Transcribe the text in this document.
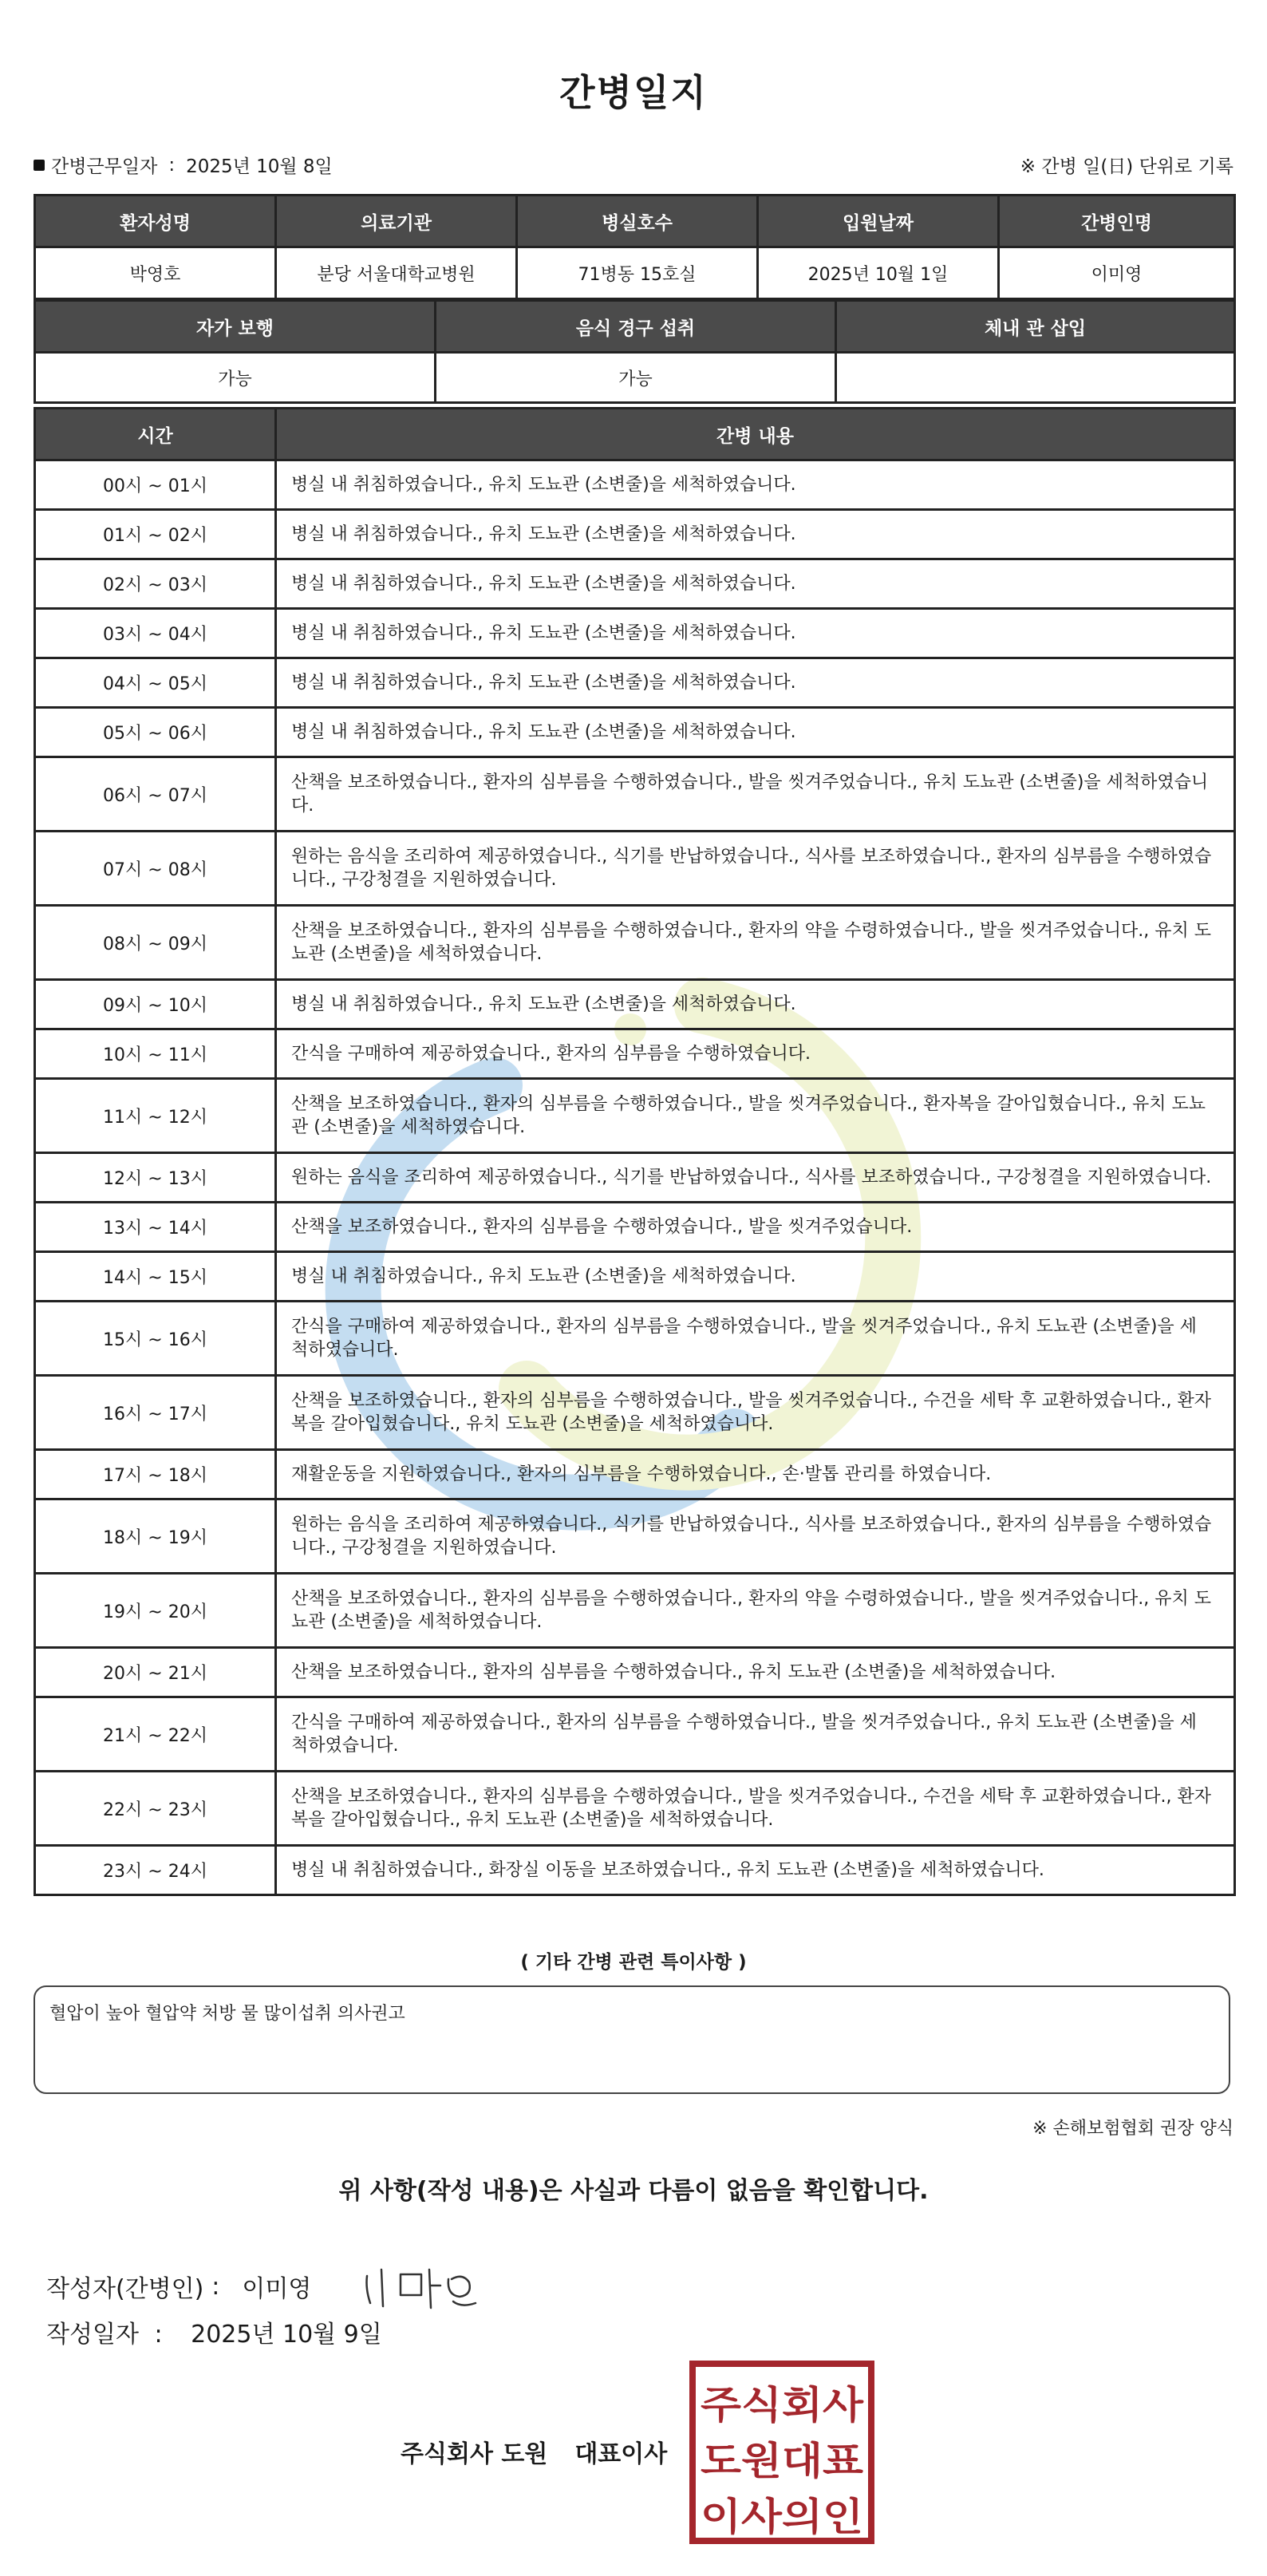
간병일지
간병근무일자 : 2025년 10월 8일	※ 간병 일(日) 단위로 기록
환자성명	의료기관	병실호수	입원날짜	간병인명
박영호	분당 서울대학교병원	71병동 15호실	2025년 10월 1일	이미영
자가 보행	음식 경구 섭취	체내 관 삽입
가능	가능	
시간	간병 내용
00시 ~ 01시	병실 내 취침하였습니다., 유치 도뇨관 (소변줄)을 세척하였습니다.
01시 ~ 02시	병실 내 취침하였습니다., 유치 도뇨관 (소변줄)을 세척하였습니다.
02시 ~ 03시	병실 내 취침하였습니다., 유치 도뇨관 (소변줄)을 세척하였습니다.
03시 ~ 04시	병실 내 취침하였습니다., 유치 도뇨관 (소변줄)을 세척하였습니다.
04시 ~ 05시	병실 내 취침하였습니다., 유치 도뇨관 (소변줄)을 세척하였습니다.
05시 ~ 06시	병실 내 취침하였습니다., 유치 도뇨관 (소변줄)을 세척하였습니다.
06시 ~ 07시	산책을 보조하였습니다., 환자의 심부름을 수행하였습니다., 발을 씻겨주었습니다., 유치 도뇨관 (소변줄)을 세척하였습니다.
07시 ~ 08시	원하는 음식을 조리하여 제공하였습니다., 식기를 반납하였습니다., 식사를 보조하였습니다., 환자의 심부름을 수행하였습니다., 구강청결을 지원하였습니다.
08시 ~ 09시	산책을 보조하였습니다., 환자의 심부름을 수행하였습니다., 환자의 약을 수령하였습니다., 발을 씻겨주었습니다., 유치 도뇨관 (소변줄)을 세척하였습니다.
09시 ~ 10시	병실 내 취침하였습니다., 유치 도뇨관 (소변줄)을 세척하였습니다.
10시 ~ 11시	간식을 구매하여 제공하였습니다., 환자의 심부름을 수행하였습니다.
11시 ~ 12시	산책을 보조하였습니다., 환자의 심부름을 수행하였습니다., 발을 씻겨주었습니다., 환자복을 갈아입혔습니다., 유치 도뇨관 (소변줄)을 세척하였습니다.
12시 ~ 13시	원하는 음식을 조리하여 제공하였습니다., 식기를 반납하였습니다., 식사를 보조하였습니다., 구강청결을 지원하였습니다.
13시 ~ 14시	산책을 보조하였습니다., 환자의 심부름을 수행하였습니다., 발을 씻겨주었습니다.
14시 ~ 15시	병실 내 취침하였습니다., 유치 도뇨관 (소변줄)을 세척하였습니다.
15시 ~ 16시	간식을 구매하여 제공하였습니다., 환자의 심부름을 수행하였습니다., 발을 씻겨주었습니다., 유치 도뇨관 (소변줄)을 세척하였습니다.
16시 ~ 17시	산책을 보조하였습니다., 환자의 심부름을 수행하였습니다., 발을 씻겨주었습니다., 수건을 세탁 후 교환하였습니다., 환자복을 갈아입혔습니다., 유치 도뇨관 (소변줄)을 세척하였습니다.
17시 ~ 18시	재활운동을 지원하였습니다., 환자의 심부름을 수행하였습니다., 손·발톱 관리를 하였습니다.
18시 ~ 19시	원하는 음식을 조리하여 제공하였습니다., 식기를 반납하였습니다., 식사를 보조하였습니다., 환자의 심부름을 수행하였습니다., 구강청결을 지원하였습니다.
19시 ~ 20시	산책을 보조하였습니다., 환자의 심부름을 수행하였습니다., 환자의 약을 수령하였습니다., 발을 씻겨주었습니다., 유치 도뇨관 (소변줄)을 세척하였습니다.
20시 ~ 21시	산책을 보조하였습니다., 환자의 심부름을 수행하였습니다., 유치 도뇨관 (소변줄)을 세척하였습니다.
21시 ~ 22시	간식을 구매하여 제공하였습니다., 환자의 심부름을 수행하였습니다., 발을 씻겨주었습니다., 유치 도뇨관 (소변줄)을 세척하였습니다.
22시 ~ 23시	산책을 보조하였습니다., 환자의 심부름을 수행하였습니다., 발을 씻겨주었습니다., 수건을 세탁 후 교환하였습니다., 환자복을 갈아입혔습니다., 유치 도뇨관 (소변줄)을 세척하였습니다.
23시 ~ 24시	병실 내 취침하였습니다., 화장실 이동을 보조하였습니다., 유치 도뇨관 (소변줄)을 세척하였습니다.
( 기타 간병 관련 특이사항 )
혈압이 높아 혈압약 처방 물 많이섭취 의사권고
※ 손해보험협회 권장 양식
위 사항(작성 내용)은 사실과 다름이 없음을 확인합니다.
작성자(간병인) : 이미영
작성일자 : 2025년 10월 9일
주식회사 도원 대표이사
주식회사
도원대표
이사의인
